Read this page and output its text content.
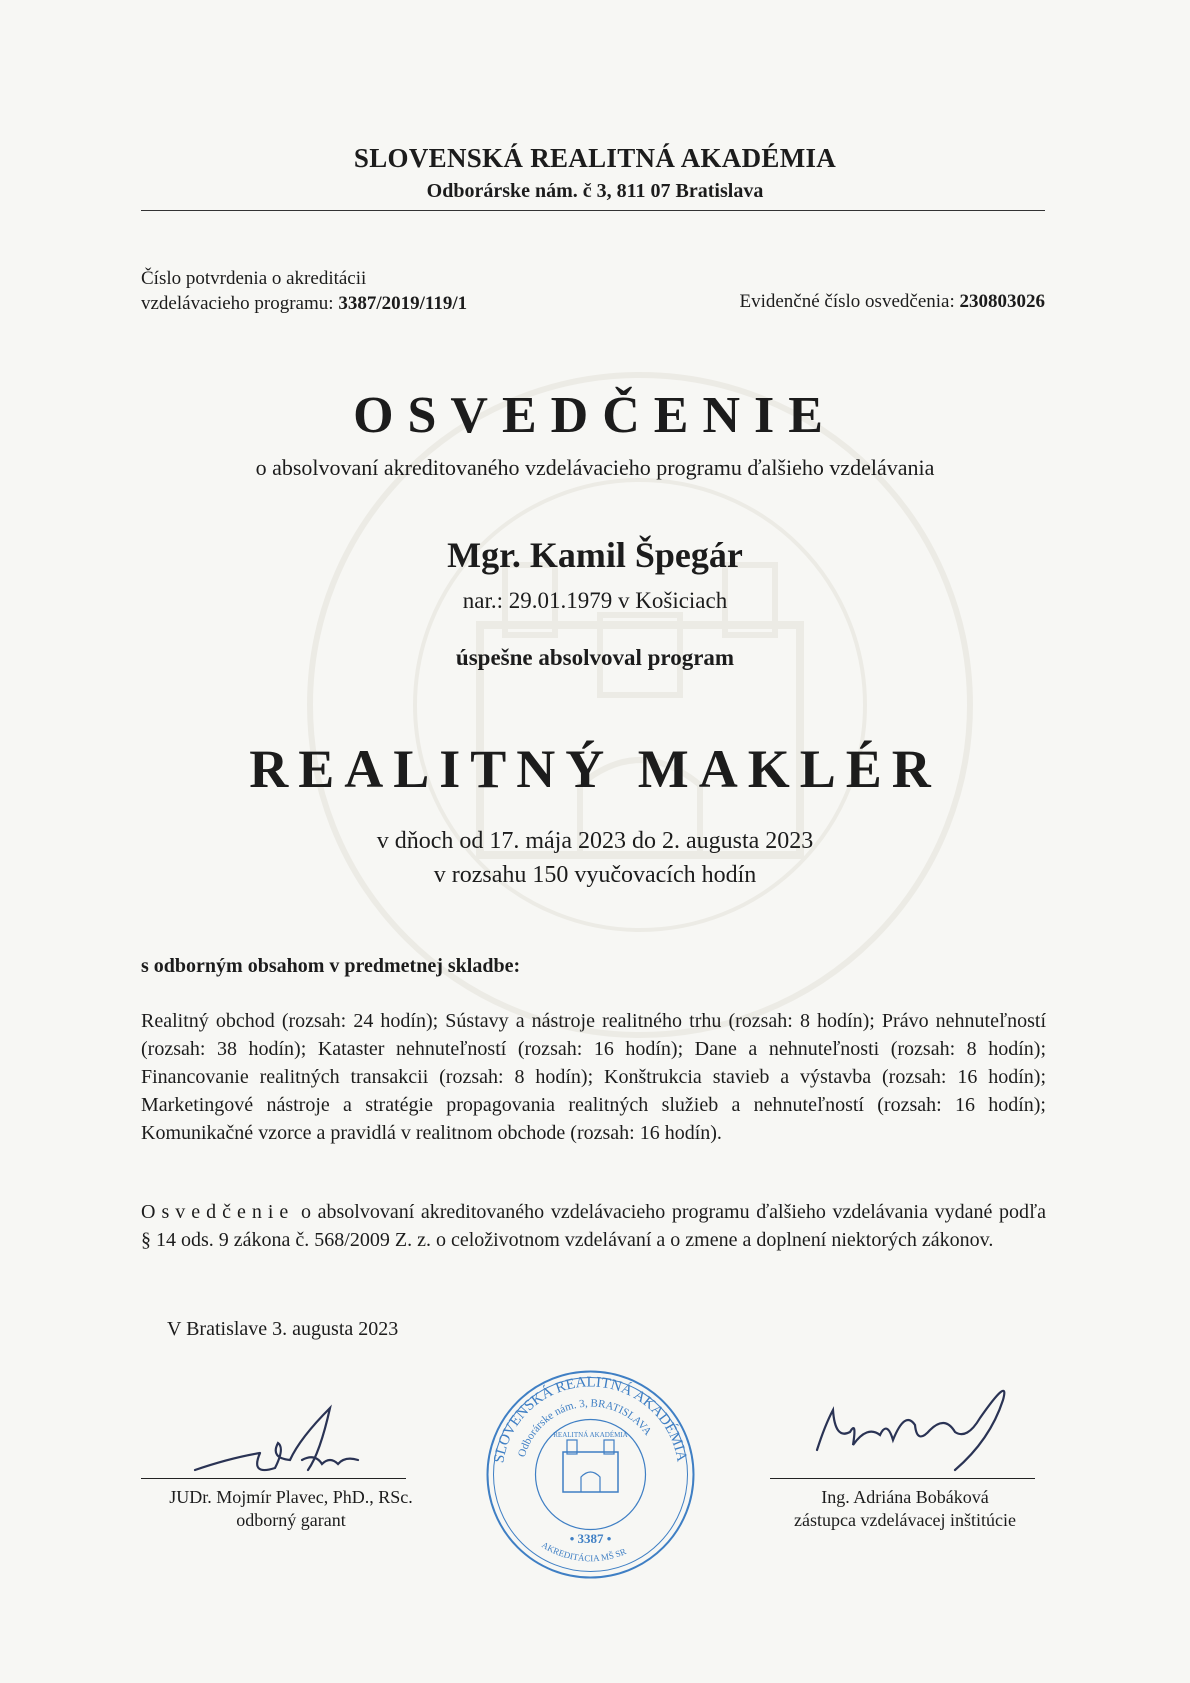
SLOVENSKÁ REALITNÁ AKADÉMIA
Odborárske nám. č 3, 811 07 Bratislava
Číslo potvrdenia o akreditácii
vzdelávacieho programu: 3387/2019/119/1	Evidenčné číslo osvedčenia: 230803026
OSVEDČENIE
o absolvovaní akreditovaného vzdelávacieho programu ďalšieho vzdelávania
Mgr. Kamil Špegár
nar.: 29.01.1979 v Košiciach
úspešne absolvoval program
REALITNÝ MAKLÉR
v dňoch od 17. mája 2023 do 2. augusta 2023
v rozsahu 150 vyučovacích hodín
s odborným obsahom v predmetnej skladbe:
Realitný obchod (rozsah: 24 hodín); Sústavy a nástroje realitného trhu (rozsah: 8 hodín); Právo nehnuteľností (rozsah: 38 hodín); Kataster nehnuteľností (rozsah: 16 hodín); Dane a nehnuteľnosti (rozsah: 8 hodín); Financovanie realitných transakcii (rozsah: 8 hodín); Konštrukcia stavieb a výstavba (rozsah: 16 hodín); Marketingové nástroje a stratégie propagovania realitných služieb a nehnuteľností (rozsah: 16 hodín); Komunikačné vzorce a pravidlá v realitnom obchode (rozsah: 16 hodín).
Osvedčenie o absolvovaní akreditovaného vzdelávacieho programu ďalšieho vzdelávania vydané podľa § 14 ods. 9 zákona č. 568/2009 Z. z. o celoživotnom vzdelávaní a o zmene a doplnení niektorých zákonov.
V Bratislave 3. augusta 2023
JUDr. Mojmír Plavec, PhD., RSc.
odborný garant
SLOVENSKÁ REALITNÁ AKADÉMIA
Odborárske nám. 3, BRATISLAVA
REALITNÁ AKADÉMIA
• 3387 •
AKREDITÁCIA MŠ SR
Ing. Adriána Bobáková
zástupca vzdelávacej inštitúcie
